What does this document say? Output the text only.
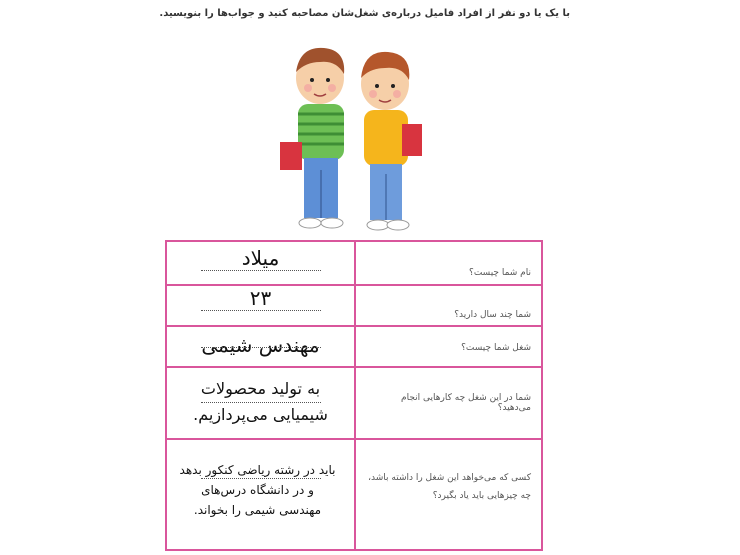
با یک یا دو نفر از افراد فامیل درباره‌ی شغل‌شان مصاحبه کنید و جواب‌ها را بنویسید.
میلاد
نام شما چیست؟
۲۳
شما چند سال دارید؟
مهندس شیمی	شغل شما چیست؟
به تولید محصولات
شیمیایی می‌پردازیم.
شما در این شغل چه کارهایی انجام می‌دهید؟
باید در رشته ریاضی کنکور بدهد
و در دانشگاه درس‌های
مهندسی شیمی را بخواند.
کسی که می‌خواهد این شغل را داشته باشد، چه چیزهایی باید یاد بگیرد؟
